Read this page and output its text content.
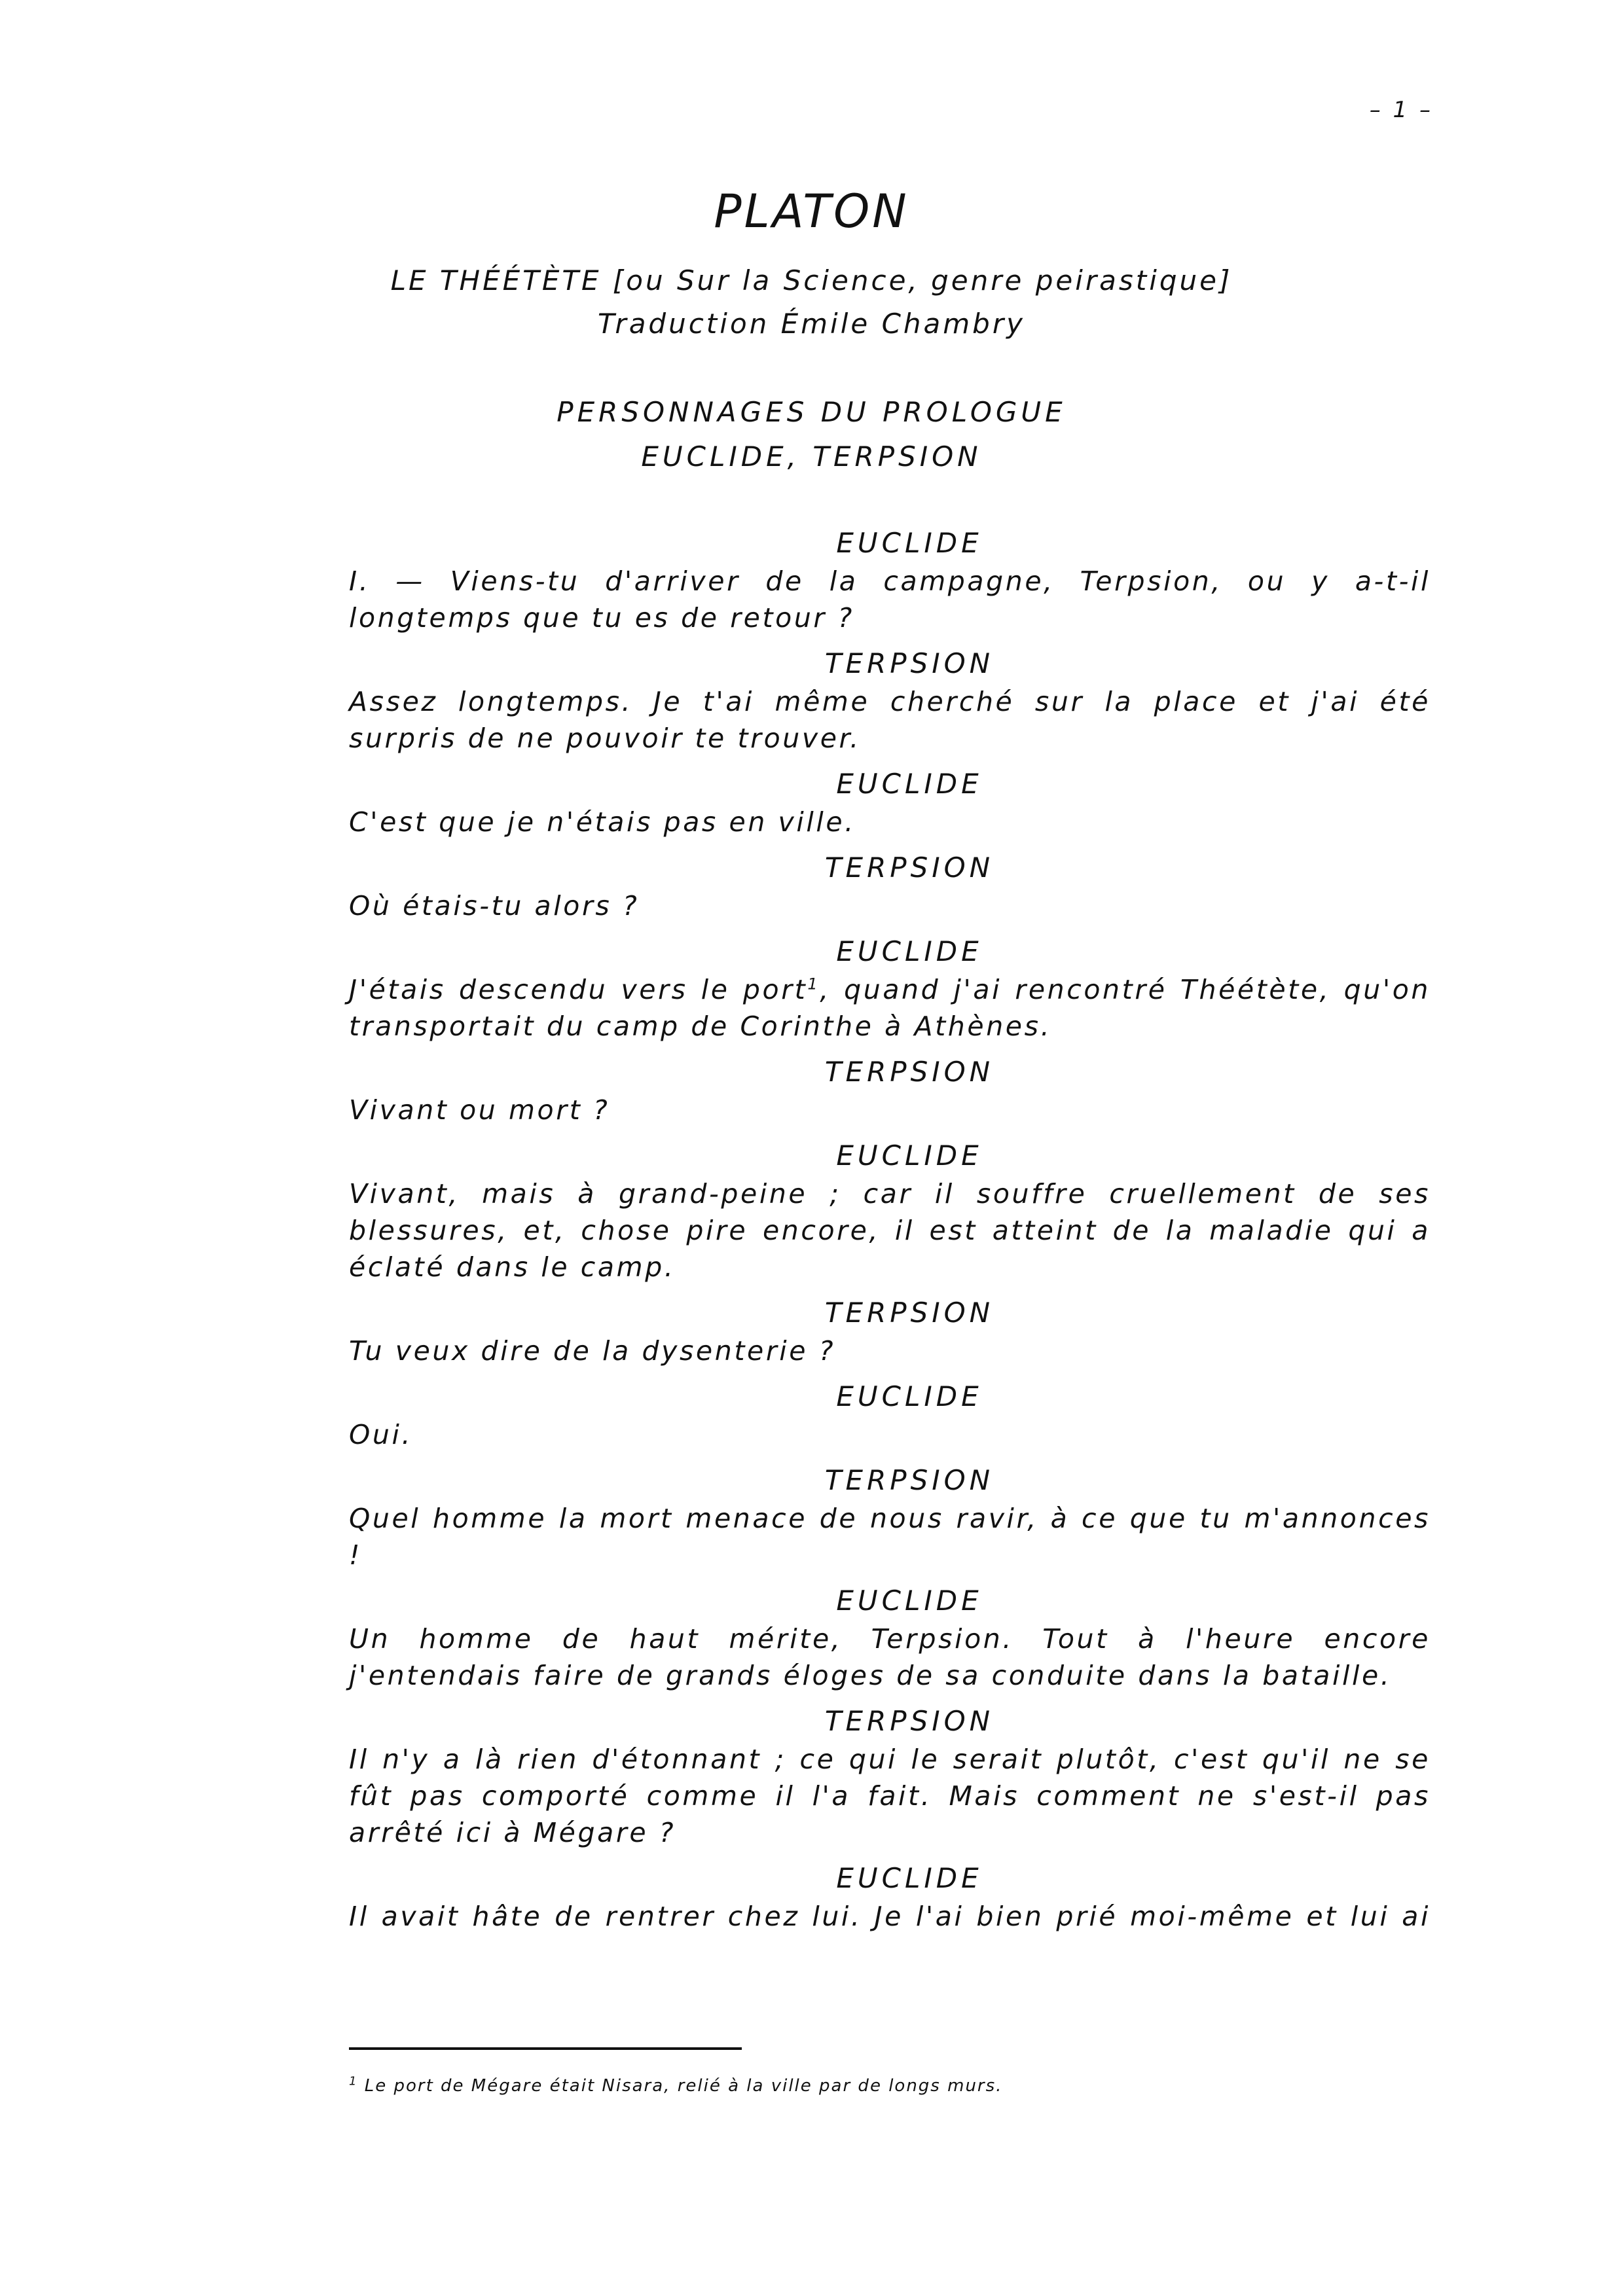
– 1 –
PLATON
LE THÉÉTÈTE [ou Sur la Science, genre peirastique]
Traduction Émile Chambry
PERSONNAGES DU PROLOGUE
EUCLIDE, TERPSION
EUCLIDE
I. — Viens-tu d'arriver de la campagne, Terpsion, ou y a-t-il longtemps que tu es de retour ?
TERPSION
Assez longtemps. Je t'ai même cherché sur la place et j'ai été surpris de ne pouvoir te trouver.
EUCLIDE
C'est que je n'étais pas en ville.
TERPSION
Où étais-tu alors ?
EUCLIDE
J'étais descendu vers le port$^1$, quand j'ai rencontré Théétète, qu'on transportait du camp de Corinthe à Athènes.
TERPSION
Vivant ou mort ?
EUCLIDE
Vivant, mais à grand-peine ; car il souffre cruellement de ses blessures, et, chose pire encore, il est atteint de la maladie qui a éclaté dans le camp.
TERPSION
Tu veux dire de la dysenterie ?
EUCLIDE
Oui.
TERPSION
Quel homme la mort menace de nous ravir, à ce que tu m'annonces !
EUCLIDE
Un homme de haut mérite, Terpsion. Tout à l'heure encore j'entendais faire de grands éloges de sa conduite dans la bataille.
TERPSION
Il n'y a là rien d'étonnant ; ce qui le serait plutôt, c'est qu'il ne se fût pas comporté comme il l'a fait. Mais comment ne s'est-il pas arrêté ici à Mégare ?
EUCLIDE
Il avait hâte de rentrer chez lui. Je l'ai bien prié moi-même et lui ai
$^1$ Le port de Mégare était Nisara, relié à la ville par de longs murs.
